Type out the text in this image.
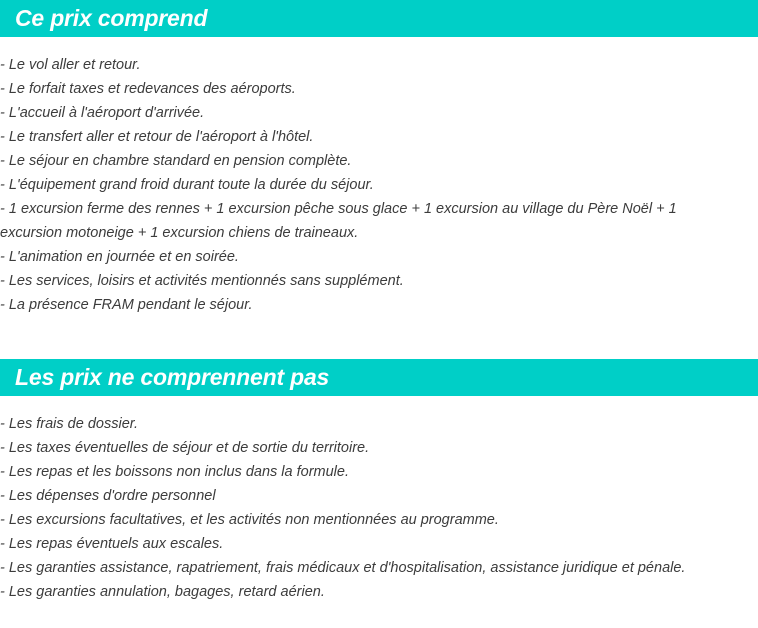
Ce prix comprend
- Le vol aller et retour.
- Le forfait taxes et redevances des aéroports.
- L'accueil à l'aéroport d'arrivée.
- Le transfert aller et retour de l'aéroport à l'hôtel.
- Le séjour en chambre standard en pension complète.
- L'équipement grand froid durant toute la durée du séjour.
- 1 excursion ferme des rennes + 1 excursion pêche sous glace + 1 excursion au village du Père Noël + 1 excursion motoneige + 1 excursion chiens de traineaux.
- L'animation en journée et en soirée.
- Les services, loisirs et activités mentionnés sans supplément.
- La présence FRAM pendant le séjour.
Les prix ne comprennent pas
- Les frais de dossier.
- Les taxes éventuelles de séjour et de sortie du territoire.
- Les repas et les boissons non inclus dans la formule.
- Les dépenses d'ordre personnel
- Les excursions facultatives, et les activités non mentionnées au programme.
- Les repas éventuels aux escales.
- Les garanties assistance, rapatriement, frais médicaux et d'hospitalisation, assistance juridique et pénale.
- Les garanties annulation, bagages, retard aérien.
